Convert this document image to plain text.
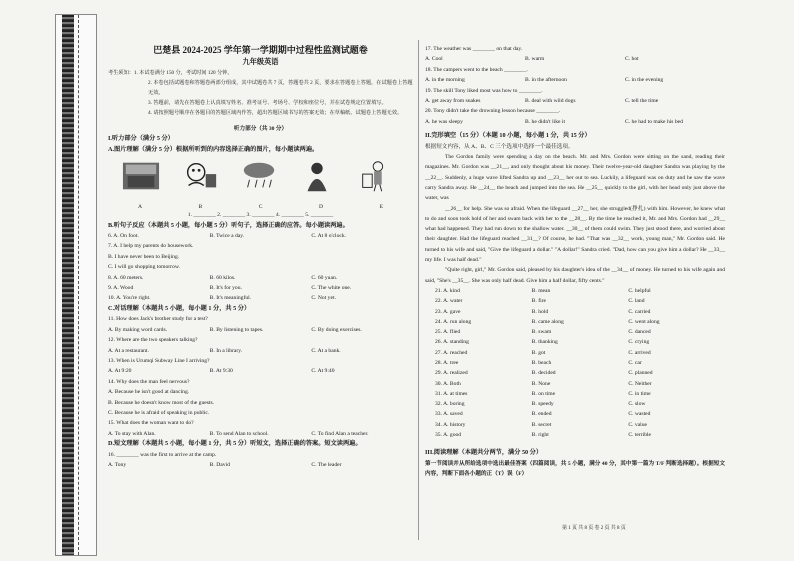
巴楚县 2024-2025 学年第一学期期中过程性监测试题卷
九年级英语
考生须知：1. 本试卷满分 150 分，考试时间 120 分钟。
2. 本卷包括试题卷和答题卷两部分组成，其中试题卷共 7 页，答题卷共 2 页，要求在答题卷上答题，在试题卷上答题无效。
3. 答题前，请先在答题卷上认真填写姓名、准考证号、考场号、学校和座位号，并在试卷规定位置填写。
4. 请按照题号顺序在各题目的答题区域内作答，超出答题区域书写的答案无效；在草稿纸、试题卷上答题无效。
听力部分（共 30 分）
I.听力部分（满分 5 分）
A.图片理解（满分 5 分）根据所听到的内容选择正确的图片，每小题读两遍。
A	B	C	D	E
1. ________ 2. ________ 3. ________ 4. ________ 5. ________
B.听句子反应（本题共 5 小题，每小题 5 分）听句子，选择正确的应答。每小题读两遍。
6. A. On foot.	B. Twice a day.	C. At 8 o'clock.
7. A. I help my parents do housework.
B. I have never been to Beijing.
C. I will go shopping tomorrow.
8. A. 60 meters.	B. 60 kilos.	C. 60 yuan.
9. A. Wood	B. It's for you.	C. The white one.
10. A. You're right.	B. It's meaningful.	C. Not yet.
C.对话理解（本题共 5 小题，每小题 1 分，共 5 分）
11. How does Jack's brother study for a test?
A. By making word cards.	B. By listening to tapes.	C. By doing exercises.
12. Where are the two speakers talking?
A. At a restaurant.	B. In a library.	C. At a bank.
13. When is Urumqi Subway Line I arriving?
A. At 9:20	B. At 9:30	C. At 9:40
14. Why does the man feel nervous?
A. Because he isn't good at dancing.
B. Because he doesn't know most of the guests.
C. Because he is afraid of speaking in public.
15. What does the woman want to do?
A. To stay with Alan.	B. To send Alan to school.	C. To find Alan a teacher.
D.短文理解（本题共 5 小题，每小题 1 分，共 5 分）听短文，选择正确的答案。短文读两遍。
16. ________ was the first to arrive at the camp.
A. Tony	B. David	C. The leader
17. The weather was ________ on that day.
A. Cool	B. warm	C. hot
18. The campers went to the beach ________.
A. in the morning	B. in the afternoon	C. in the evening
19. The skill Tony liked most was how to ________.
A. get away from snakes	B. deal with wild dogs	C. tell the time
20. Tony didn't take the drowning lesson because ________.
A. he was sleepy	B. he didn't like it	C. he had to make his bed
II.完形填空（15 分）（本题 10 小题，每小题 1 分，共 15 分）
根据短文内容，从 A、B、C 三个选项中选择一个最佳选项。
The Gordon family were spending a day on the beach. Mr. and Mrs. Gordon were sitting on the sand, reading their magazines. Mr. Gordon was __21__, and only thought about his money. Their twelve-year-old daughter Sandra was playing by the __22__. Suddenly, a huge wave lifted Sandra up and __23__ her out to sea. Luckily, a lifeguard was on duty and he saw the wave carry Sandra away. He __24__ the beach and jumped into the sea. He __25__ quickly to the girl, with her head only just above the water, was
__26__ for help. She was so afraid. When the lifeguard __27__ her, she struggled(挣扎) with him. However, he knew what to do and soon took hold of her and swam back with her to the __28__. By the time he reached it, Mr. and Mrs. Gordon had __29__ what had happened. They had run down to the shallow water. __30__ of them could swim. They just stood there, and worried about their daughter. Had the lifeguard reached __31__? Of course, he had. "That was __32__ work, young man," Mr. Gordon said. He turned to his wife and said, "Give the lifeguard a dollar." "A dollar!" Sandra cried. "Dad, how can you give him a dollar? He __33__ my life. I was half dead."
"Quite right, girl," Mr. Gordon said, pleased by his daughter's idea of the __34__ of money. He turned to his wife again and said, "She's __35__. She was only half dead. Give him a half dollar, fifty cents."
21. A. kind	B. mean	C. helpful
22. A. water	B. fire	C. land
23. A. gave	B. hold	C. carried
24. A. run along	B. came along	C. went along
25. A. flied	B. swam	C. danced
26. A. standing	B. thanking	C. crying
27. A. reached	B. got	C. arrived
28. A. tree	B. beach	C. car
29. A. realized	B. decided	C. planned
30. A. Both	B. None	C. Neither
31. A. at times	B. on time	C. in time
32. A. boring	B. speedy	C. slow
33. A. saved	B. ended	C. wasted
34. A. history	B. secret	C. value
35. A. good	B. right	C. terrible
III.阅读理解（本题共分两节，满分 50 分）
第一节阅读并从所给选项中选出最佳答案（四篇阅读，共 5 小题，满分 40 分，其中第一篇为 T/F 判断选择题）。根据短文内容，判断下面各小题的正（T）误（F）
第 1 页 共 8 页 卷 2 页 共 8 页
